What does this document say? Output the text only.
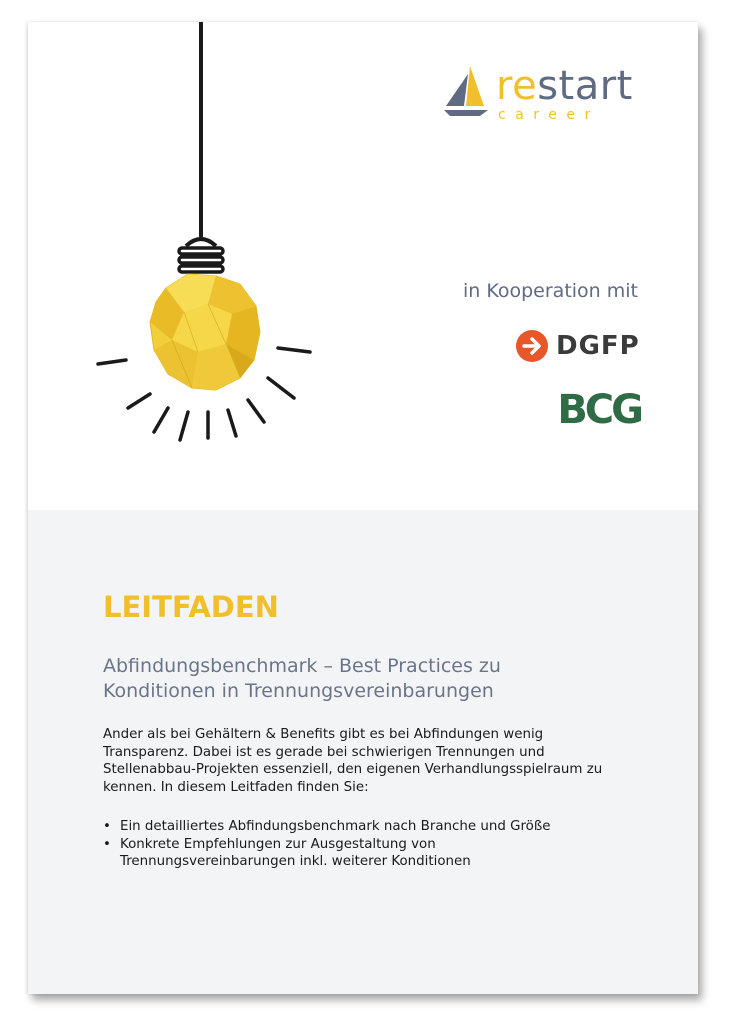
restart
career
in Kooperation mit
DGFP
BCG
LEITFADEN
Abfindungsbenchmark – Best Practices zu Konditionen in Trennungsvereinbarungen
Ander als bei Gehältern & Benefits gibt es bei Abfindungen wenig Transparenz. Dabei ist es gerade bei schwierigen Trennungen und Stellenabbau-Projekten essenziell, den eigenen Verhandlungsspielraum zu kennen. In diesem Leitfaden finden Sie:
• Ein detailliertes Abfindungsbenchmark nach Branche und Größe
• Konkrete Empfehlungen zur Ausgestaltung von Trennungsvereinbarungen inkl. weiterer Konditionen
